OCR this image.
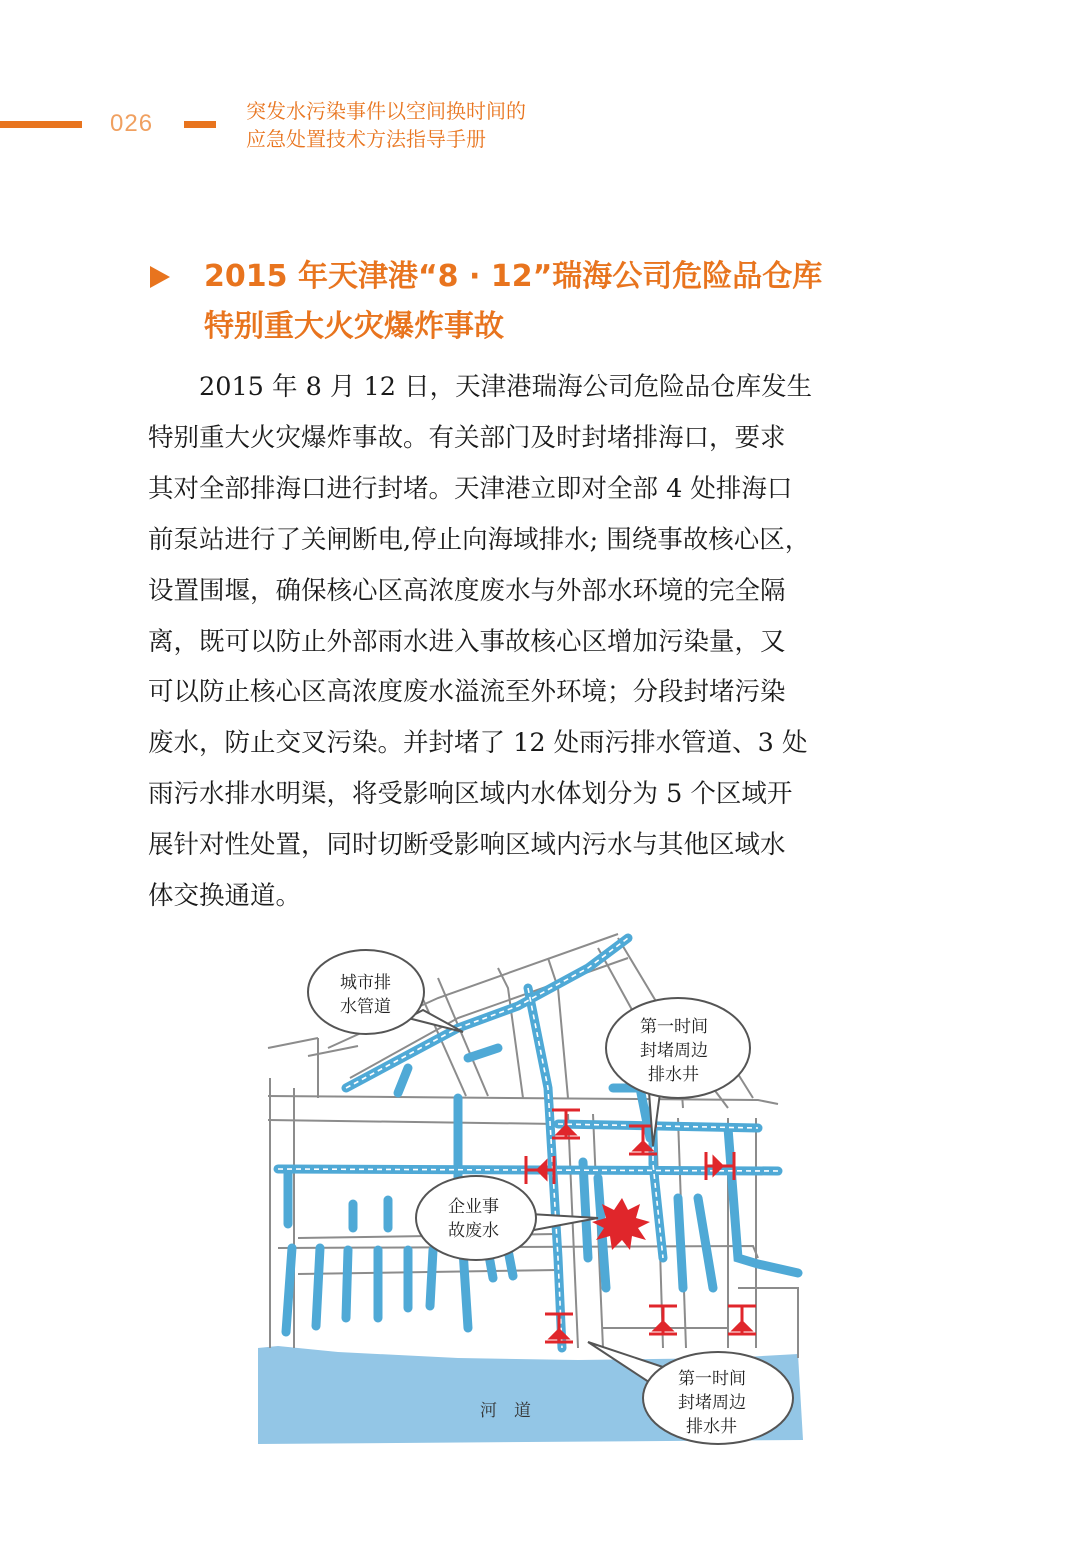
026	突发水污染事件以空间换时间的
应急处置技术方法指导手册
2015 年天津港“8 · 12”瑞海公司危险品仓库
特别重大火灾爆炸事故
　　2015 年 8 月 12 日，天津港瑞海公司危险品仓库发生
特别重大火灾爆炸事故。有关部门及时封堵排海口，要求
其对全部排海口进行封堵。天津港立即对全部 4 处排海口
前泵站进行了关闸断电,停止向海域排水; 围绕事故核心区，
设置围堰，确保核心区高浓度废水与外部水环境的完全隔
离，既可以防止外部雨水进入事故核心区增加污染量，又
可以防止核心区高浓度废水溢流至外环境；分段封堵污染
废水，防止交叉污染。并封堵了 12 处雨污排水管道、3 处
雨污水排水明渠，将受影响区域内水体划分为 5 个区域开
展针对性处置，同时切断受影响区域内污水与其他区域水
体交换通道。
河　道
城市排
水管道
第一时间
封堵周边
排水井
企业事
故废水
第一时间
封堵周边
排水井
